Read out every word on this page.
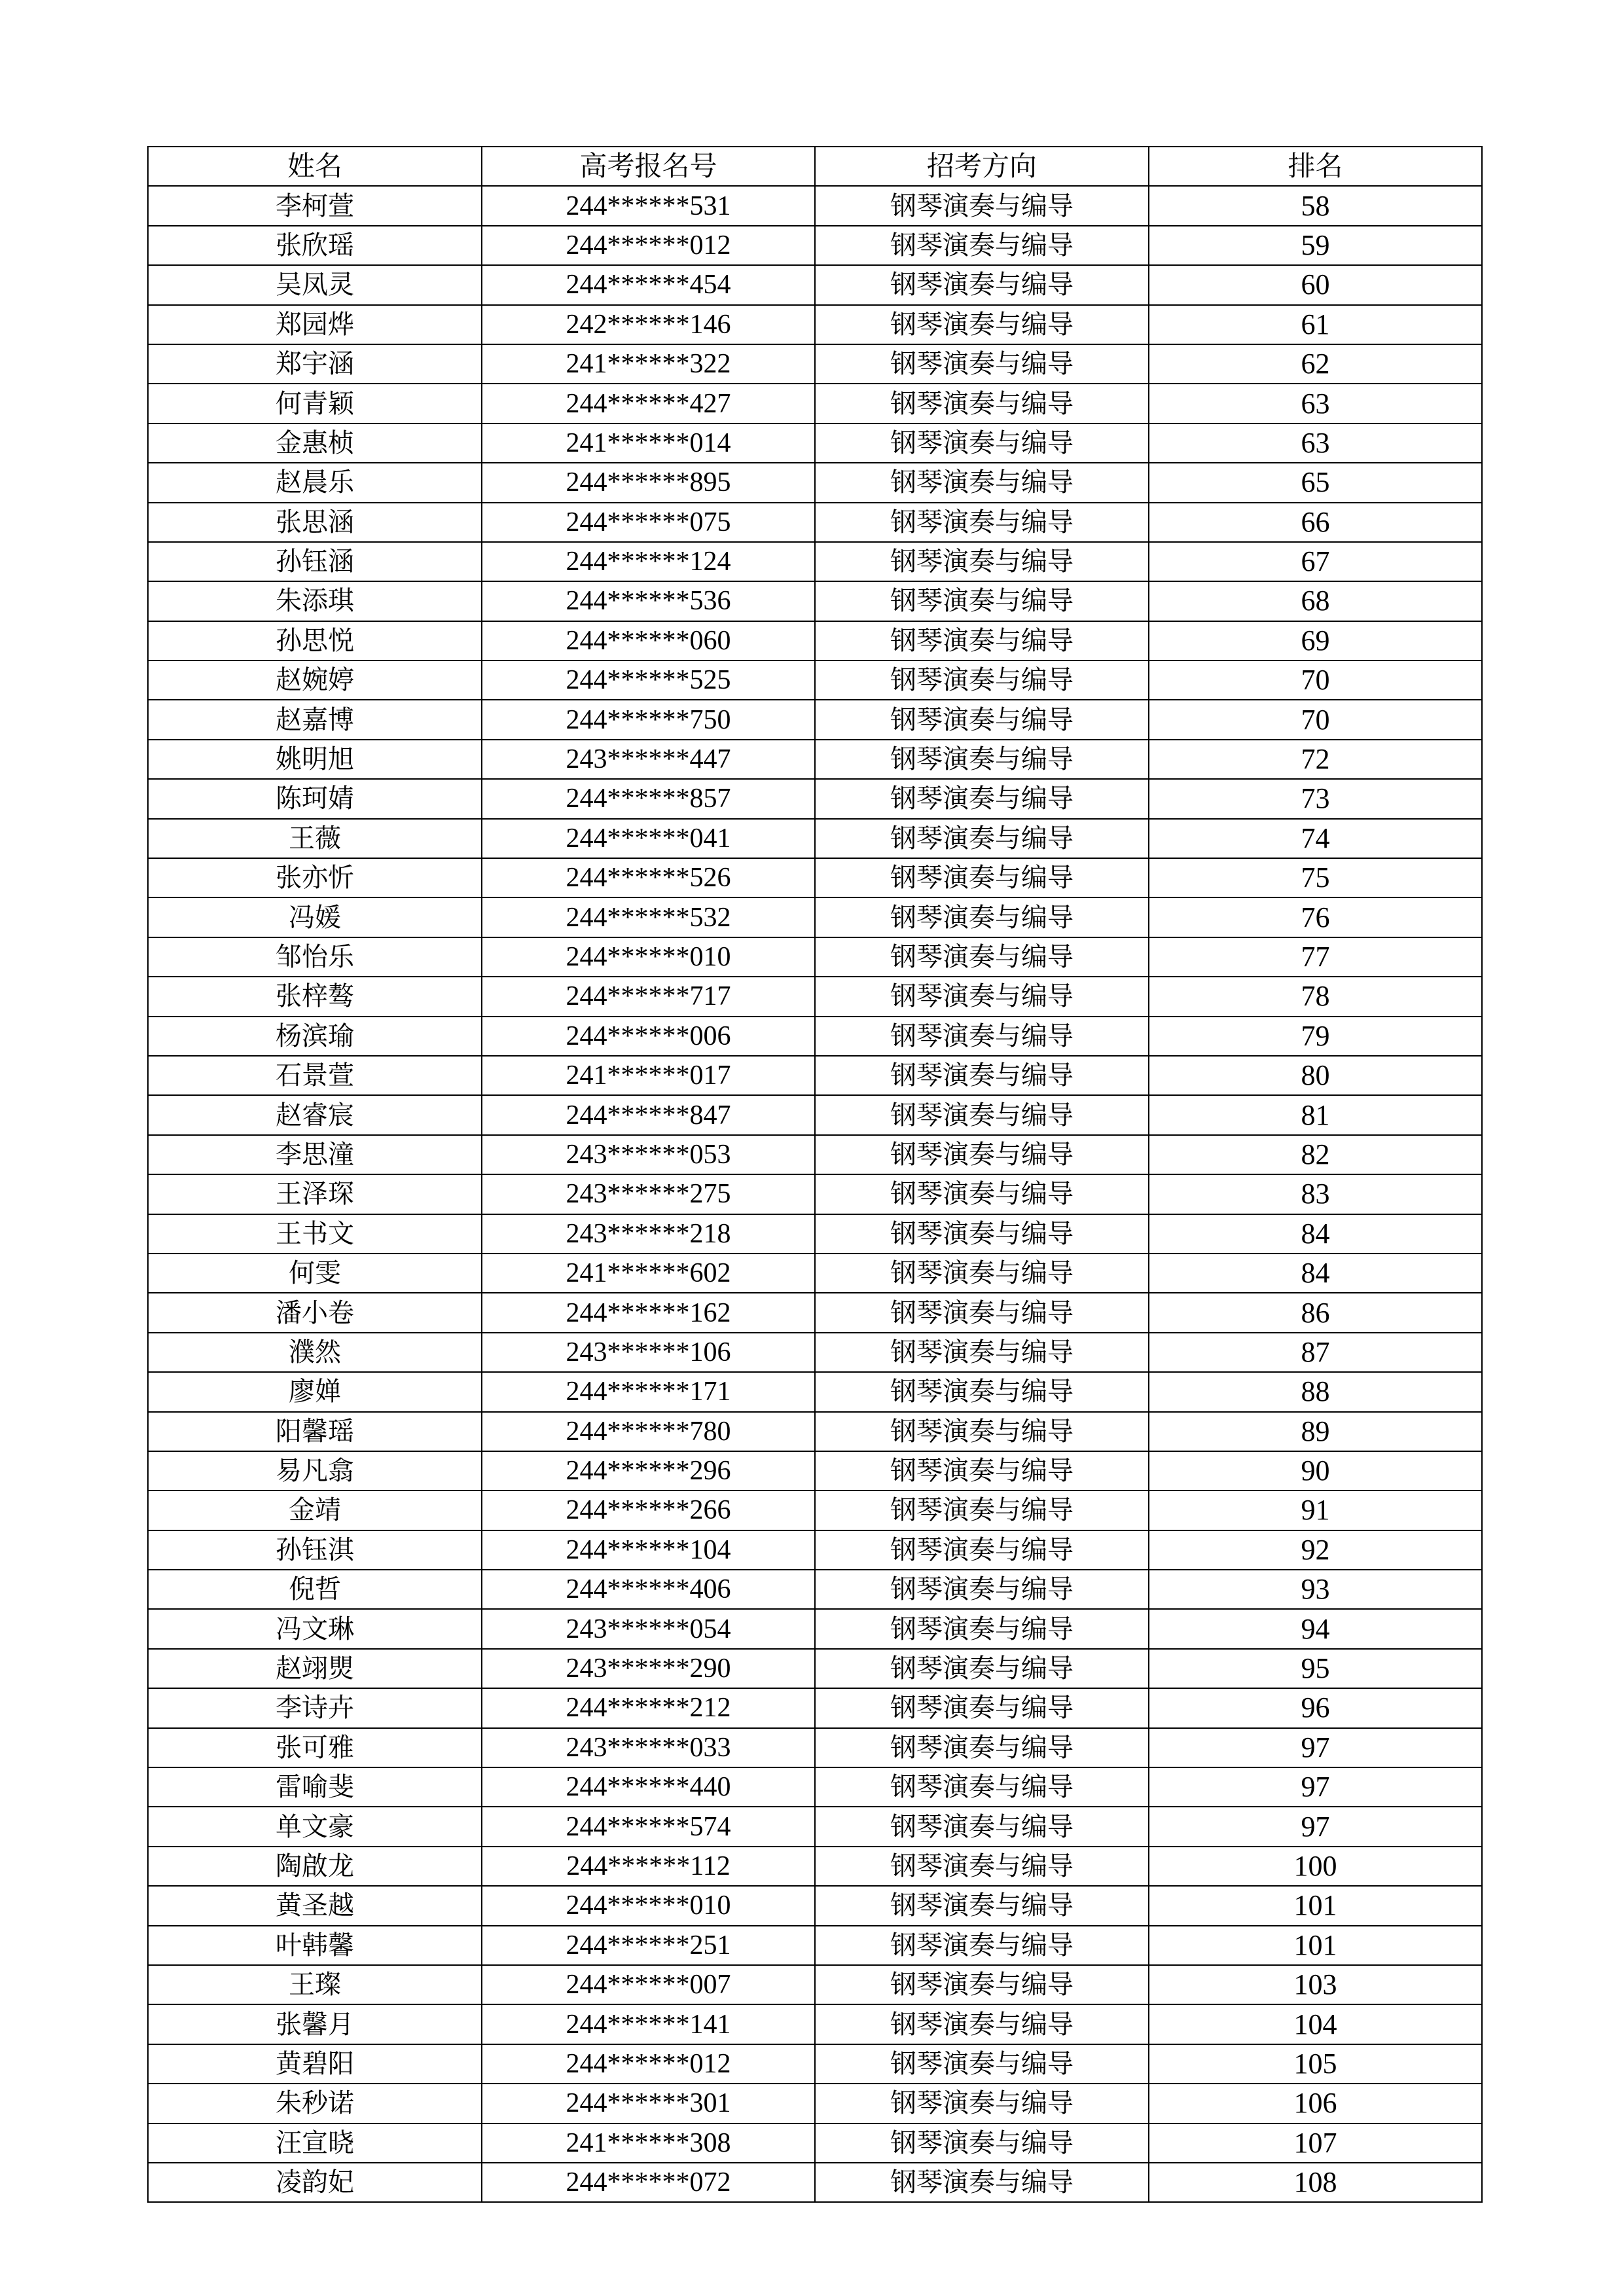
姓名	高考报名号	招考方向	排名
李柯萱	244******531	钢琴演奏与编导	58
张欣瑶	244******012	钢琴演奏与编导	59
吴凤灵	244******454	钢琴演奏与编导	60
郑园烨	242******146	钢琴演奏与编导	61
郑宇涵	241******322	钢琴演奏与编导	62
何青颖	244******427	钢琴演奏与编导	63
金惠桢	241******014	钢琴演奏与编导	63
赵晨乐	244******895	钢琴演奏与编导	65
张思涵	244******075	钢琴演奏与编导	66
孙钰涵	244******124	钢琴演奏与编导	67
朱添琪	244******536	钢琴演奏与编导	68
孙思悦	244******060	钢琴演奏与编导	69
赵婉婷	244******525	钢琴演奏与编导	70
赵嘉博	244******750	钢琴演奏与编导	70
姚明旭	243******447	钢琴演奏与编导	72
陈珂婧	244******857	钢琴演奏与编导	73
王薇	244******041	钢琴演奏与编导	74
张亦忻	244******526	钢琴演奏与编导	75
冯媛	244******532	钢琴演奏与编导	76
邹怡乐	244******010	钢琴演奏与编导	77
张梓骜	244******717	钢琴演奏与编导	78
杨滨瑜	244******006	钢琴演奏与编导	79
石景萱	241******017	钢琴演奏与编导	80
赵睿宸	244******847	钢琴演奏与编导	81
李思潼	243******053	钢琴演奏与编导	82
王泽琛	243******275	钢琴演奏与编导	83
王书文	243******218	钢琴演奏与编导	84
何雯	241******602	钢琴演奏与编导	84
潘小卷	244******162	钢琴演奏与编导	86
濮然	243******106	钢琴演奏与编导	87
廖婵	244******171	钢琴演奏与编导	88
阳馨瑶	244******780	钢琴演奏与编导	89
易凡翕	244******296	钢琴演奏与编导	90
金靖	244******266	钢琴演奏与编导	91
孙钰淇	244******104	钢琴演奏与编导	92
倪哲	244******406	钢琴演奏与编导	93
冯文琳	243******054	钢琴演奏与编导	94
赵翊煛	243******290	钢琴演奏与编导	95
李诗卉	244******212	钢琴演奏与编导	96
张可雅	243******033	钢琴演奏与编导	97
雷喻斐	244******440	钢琴演奏与编导	97
单文豪	244******574	钢琴演奏与编导	97
陶啟龙	244******112	钢琴演奏与编导	100
黄圣越	244******010	钢琴演奏与编导	101
叶韩馨	244******251	钢琴演奏与编导	101
王璨	244******007	钢琴演奏与编导	103
张馨月	244******141	钢琴演奏与编导	104
黄碧阳	244******012	钢琴演奏与编导	105
朱秒诺	244******301	钢琴演奏与编导	106
汪宣晓	241******308	钢琴演奏与编导	107
凌韵妃	244******072	钢琴演奏与编导	108
